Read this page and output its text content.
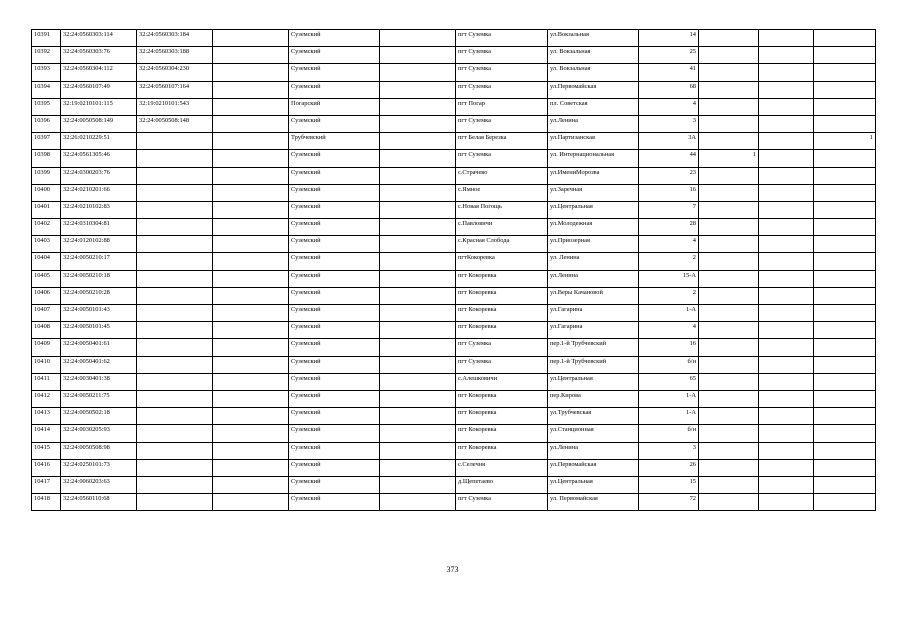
10391	32:24:0560303:114	32:24:0560303:184		Суземский		пгт Суземка	ул.Вокзальная	14			
10392	32:24:0560303:76	32:24:0560303:188		Суземский		пгт Суземка	ул. Вокзальная	25			
10393	32:24:0560304:112	32:24:0560304:230		Суземский		пгт Суземка	ул. Вокзальная	41			
10394	32:24:0560107:49	32:24:0560107:164		Суземский		пгт Суземка	ул.Первомайская	68			
10395	32:19:0210101:115	32:19:0210101:543		Погарский		пгт Погар	пл. Советская	4			
10396	32:24:0050508:149	32:24:0050508:148		Суземский		пгт Суземка	ул.Ленина	3			
10397	32:26:0210229:51			Трубчевский		пгт Белая Березка	ул.Партизанская	3А			1
10398	32:24:0561305:46			Суземский		пгт Суземка	ул. Интернациональная	44	1		
10399	32:24:0300203:76			Суземский		с.Страчево	ул.ИмениМорозва	23			
10400	32:24:0210201:66			Суземский		с.Ямное	ул.Заречная	16			
10401	32:24:0210102:83			Суземский		с.Новая Погощь	ул.Центральная	7			
10402	32:24:0310304:81			Суземский		с.Павловичи	ул.Молодежная	28			
10403	32:24:0120102:88			Суземский		с.Красная Слобода	ул.Приозерная	4			
10404	32:24:0050210:17			Суземский		пгтКокоревка	ул. Ленина	2			
10405	32:24:0050210:18			Суземский		пгт Кокоревка	ул.Ленина	15-А			
10406	32:24:0050210:28			Суземский		пгт Кокоревка	ул.Веры Качановой	2			
10407	32:24:0050101:43			Суземский		пгт Кокоревка	ул.Гагарина	1-А			
10408	32:24:0050101:45			Суземский		пгт Кокоревка	ул.Гагарина	4			
10409	32:24:0050401:61			Суземский		пгт Суземка	пер.1-й Трубчевский	16			
10410	32:24:0050401:62			Суземский		пгт Суземка	пер.1-й Трубчевский	б/н			
10411	32:24:0030401:38			Суземский		с.Алешковичи	ул.Центральная	65			
10412	32:24:0050211:75			Суземский		пгт Кокоревка	пер.Кирова	1-А			
10413	32:24:0050502:18			Суземский		пгт Кокоревка	ул.Трубчевская	1-А			
10414	32:24:0030205:93			Суземский		пгт Кокоревка	ул.Станционная	б/н			
10415	32:24:0050508:98			Суземский		пгт Кокоревка	ул.Ленина	3			
10416	32:24:0250101:73			Суземский		с.Селечня	ул.Первомайская	26			
10417	32:24:0060203:63			Суземский		д.Щепетаево	ул.Центральная	15			
10418	32:24:0560110:68			Суземский		пгт Суземка	ул. Первомайская	72			
373
